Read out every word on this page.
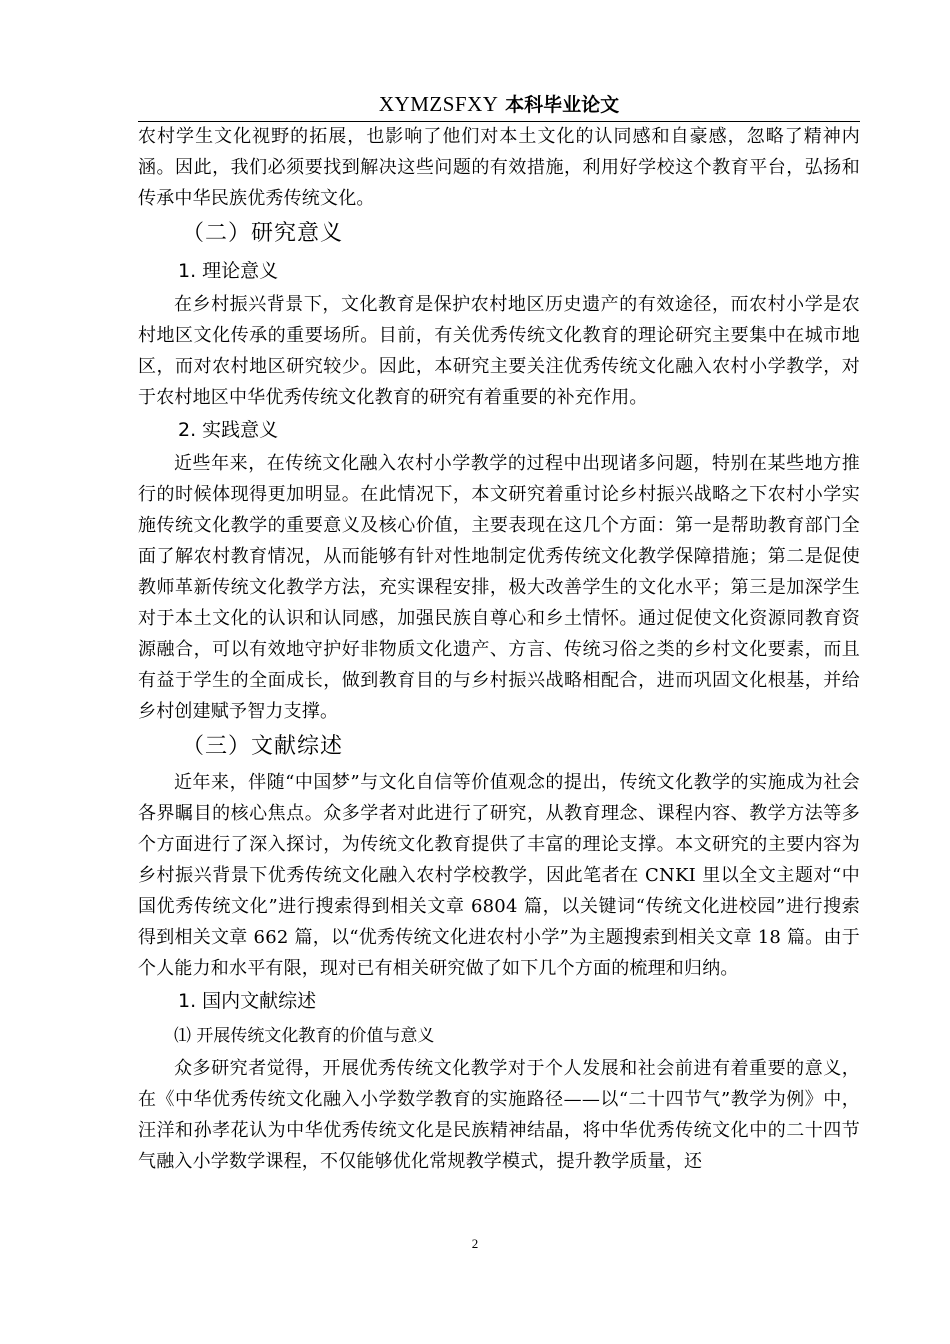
XYMZSFXY 本科毕业论文

农村学生文化视野的拓展，也影响了他们对本土文化的认同感和自豪感，忽略了精神内涵。因此，我们必须要找到解决这些问题的有效措施，利用好学校这个教育平台，弘扬和传承中华民族优秀传统文化。

（二）研究意义

1. 理论意义

在乡村振兴背景下，文化教育是保护农村地区历史遗产的有效途径，而农村小学是农村地区文化传承的重要场所。目前，有关优秀传统文化教育的理论研究主要集中在城市地区，而对农村地区研究较少。因此，本研究主要关注优秀传统文化融入农村小学教学，对于农村地区中华优秀传统文化教育的研究有着重要的补充作用。

2. 实践意义

近些年来，在传统文化融入农村小学教学的过程中出现诸多问题，特别在某些地方推行的时候体现得更加明显。在此情况下，本文研究着重讨论乡村振兴战略之下农村小学实施传统文化教学的重要意义及核心价值，主要表现在这几个方面：第一是帮助教育部门全面了解农村教育情况，从而能够有针对性地制定优秀传统文化教学保障措施；第二是促使教师革新传统文化教学方法，充实课程安排，极大改善学生的文化水平；第三是加深学生对于本土文化的认识和认同感，加强民族自尊心和乡土情怀。通过促使文化资源同教育资源融合，可以有效地守护好非物质文化遗产、方言、传统习俗之类的乡村文化要素，而且有益于学生的全面成长，做到教育目的与乡村振兴战略相配合，进而巩固文化根基，并给乡村创建赋予智力支撑。

（三）文献综述

近年来，伴随“中国梦”与文化自信等价值观念的提出，传统文化教学的实施成为社会各界瞩目的核心焦点。众多学者对此进行了研究，从教育理念、课程内容、教学方法等多个方面进行了深入探讨，为传统文化教育提供了丰富的理论支撑。本文研究的主要内容为乡村振兴背景下优秀传统文化融入农村学校教学，因此笔者在 CNKI 里以全文主题对“中国优秀传统文化”进行搜索得到相关文章 6804 篇，以关键词“传统文化进校园”进行搜索得到相关文章 662 篇，以“优秀传统文化进农村小学”为主题搜索到相关文章 18 篇。由于个人能力和水平有限，现对已有相关研究做了如下几个方面的梳理和归纳。

1. 国内文献综述

⑴ 开展传统文化教育的价值与意义

众多研究者觉得，开展优秀传统文化教学对于个人发展和社会前进有着重要的意义，在《中华优秀传统文化融入小学数学教育的实施路径——以“二十四节气”教学为例》中，汪洋和孙孝花认为中华优秀传统文化是民族精神结晶，将中华优秀传统文化中的二十四节气融入小学数学课程，不仅能够优化常规教学模式，提升教学质量，还

2
